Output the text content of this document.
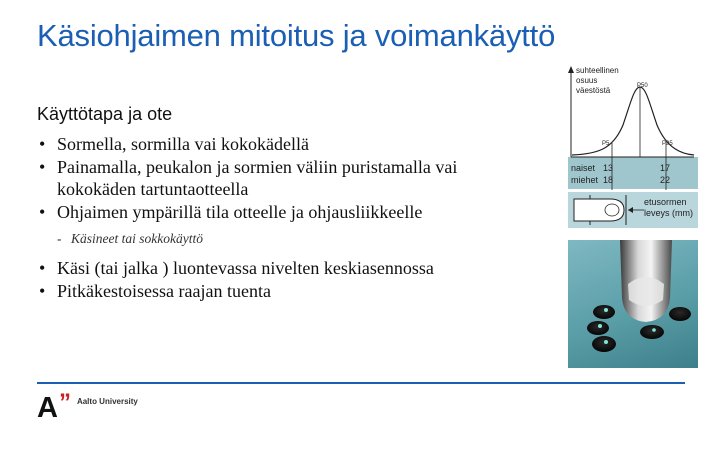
Käsiohjaimen mitoitus ja voimankäyttö
Käyttötapa ja ote
• Sormella, sormilla vai kokokädellä
• Painamalla, peukalon ja sormien väliin puristamalla vai kokokäden tartuntaotteella
• Ohjaimen ympärillä tila otteelle ja ohjausliikkeelle
- Käsineet tai sokkokäyttö
• Käsi (tai jalka ) luontevassa nivelten keskiasennossa
• Pitkäkestoisessa raajan tuenta
suhteellinen
osuus
väestöstä	P50
P5	P95
naiset 13	17
miehet 18	22
etusormen
leveys (mm)
A ” Aalto University
